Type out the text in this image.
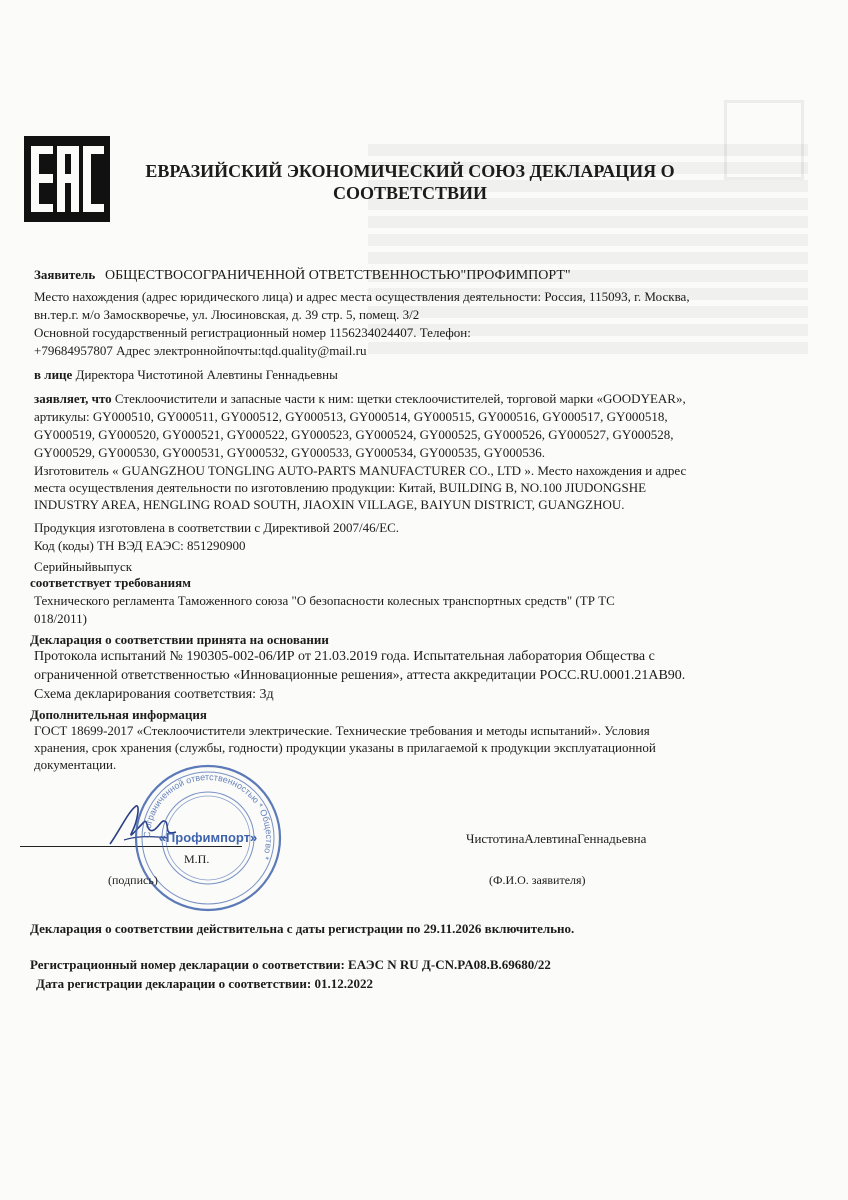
ЕВРАЗИЙСКИЙ ЭКОНОМИЧЕСКИЙ СОЮЗ ДЕКЛАРАЦИЯ О
СООТВЕТСТВИИ
Заявитель ОБЩЕСТВОСОГРАНИЧЕННОЙ ОТВЕТСТВЕННОСТЬЮ"ПРОФИМПОРТ"
Место нахождения (адрес юридического лица) и адрес места осуществления деятельности: Россия, 115093, г. Москва,
вн.тер.г. м/о Замоскворечье, ул. Люсиновская, д. 39 стр. 5, помещ. 3/2
Основной государственный регистрационный номер 1156234024407. Телефон:
+79684957807 Адрес электроннойпочты:tqd.quality@mail.ru
в лице Директора Чистотиной Алевтины Геннадьевны
заявляет, что Стеклоочистители и запасные части к ним: щетки стеклоочистителей, торговой марки «GOODYEAR»,
артикулы: GY000510, GY000511, GY000512, GY000513, GY000514, GY000515, GY000516, GY000517, GY000518,
GY000519, GY000520, GY000521, GY000522, GY000523, GY000524, GY000525, GY000526, GY000527, GY000528,
GY000529, GY000530, GY000531, GY000532, GY000533, GY000534, GY000535, GY000536.
Изготовитель « GUANGZHOU TONGLING AUTO-PARTS MANUFACTURER CO., LTD ». Место нахождения и адрес
места осуществления деятельности по изготовлению продукции: Китай, BUILDING B, NO.100 JIUDONGSHE
INDUSTRY AREA, HENGLING ROAD SOUTH, JIAOXIN VILLAGE, BAIYUN DISTRICT, GUANGZHOU.
Продукция изготовлена в соответствии с Директивой 2007/46/ЕС.
Код (коды) ТН ВЭД ЕАЭС: 851290900
Серийныйвыпуск
соответствует требованиям
Технического регламента Таможенного союза "О безопасности колесных транспортных средств" (ТР ТС
018/2011)
Декларация о соответствии принята на основании
Протокола испытаний № 190305-002-06/ИР от 21.03.2019 года. Испытательная лаборатория Общества с
ограниченной ответственностью «Инновационные решения», аттеста аккредитации РОСС.RU.0001.21АВ90.
Схема декларирования соответствия: 3д
Дополнительная информация
ГОСТ 18699-2017 «Стеклоочистители электрические. Технические требования и методы испытаний». Условия
хранения, срок хранения (службы, годности) продукции указаны в прилагаемой к продукции эксплуатационной
документации.
С ограниченной ответственностью * Общество *
«Профимпорт»
М.П.
ЧистотинаАлевтинаГеннадьевна
(подпись)	(Ф.И.О. заявителя)
Декларация о соответствии действительна с даты регистрации по 29.11.2026 включительно.
Регистрационный номер декларации о соответствии: ЕАЭС N RU Д-CN.PA08.B.69680/22
Дата регистрации декларации о соответствии: 01.12.2022
